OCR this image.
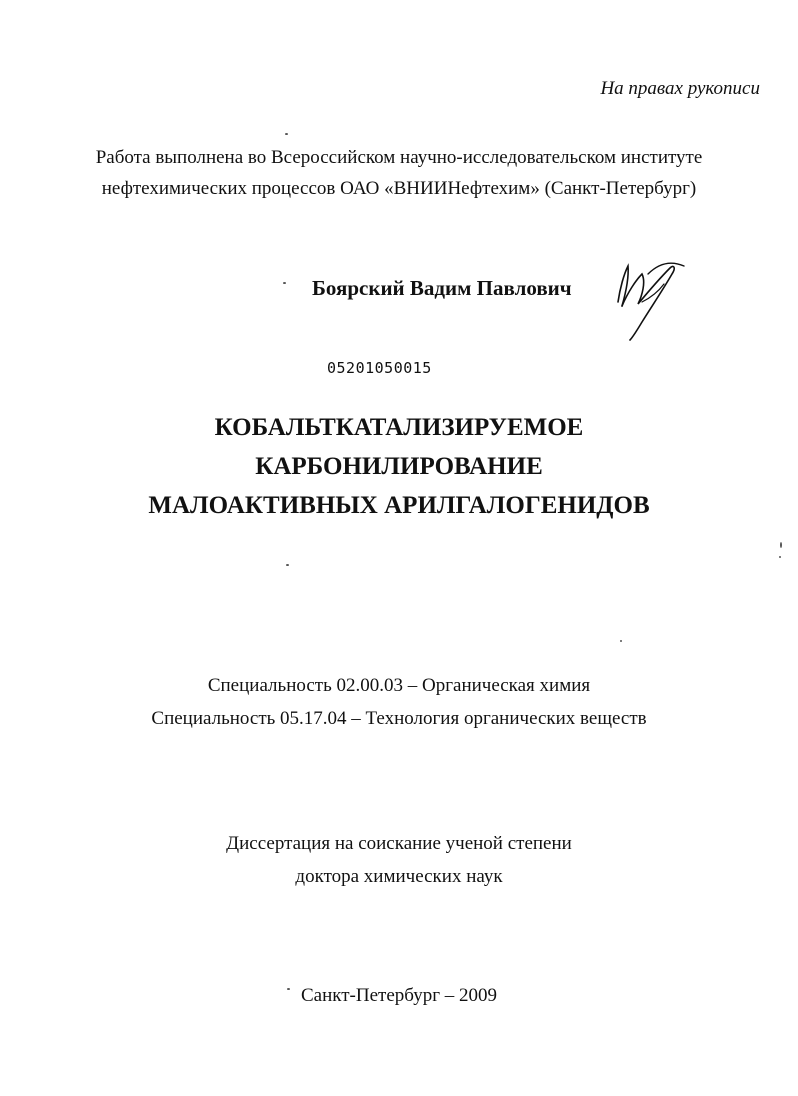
На правах рукописи
Работа выполнена во Всероссийском научно-исследовательском институте
нефтехимических процессов ОАО «ВНИИНефтехим» (Санкт-Петербург)
Боярский Вадим Павлович
05201050015
КОБАЛЬТКАТАЛИЗИРУЕМОЕ
КАРБОНИЛИРОВАНИЕ
МАЛОАКТИВНЫХ АРИЛГАЛОГЕНИДОВ
Специальность 02.00.03 – Органическая химия
Специальность 05.17.04 – Технология органических веществ
Диссертация на соискание ученой степени
доктора химических наук
Санкт-Петербург – 2009
